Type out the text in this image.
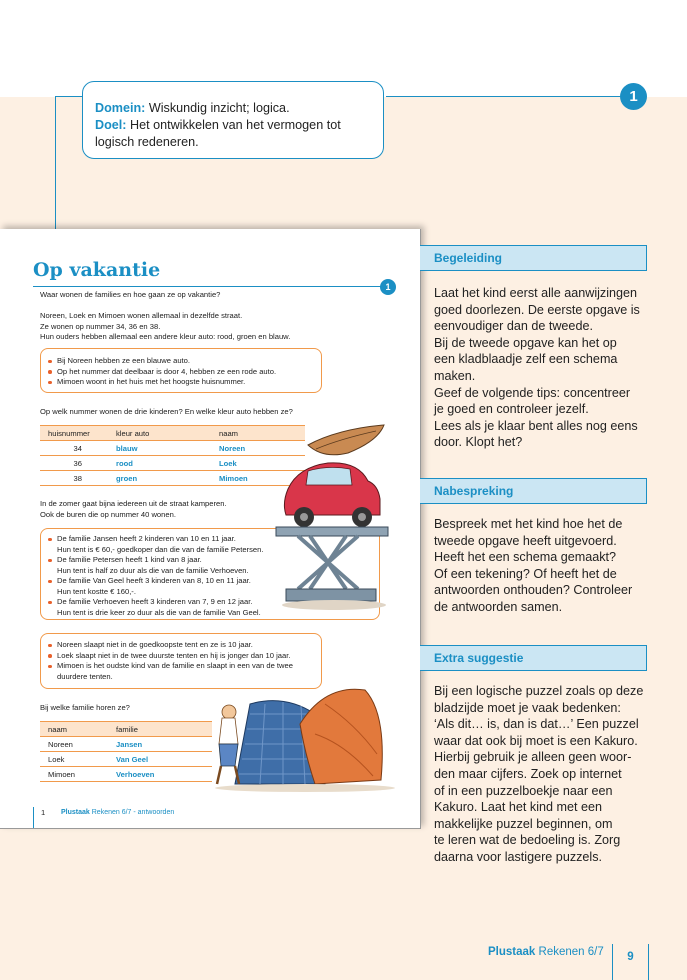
1
Domein: Wiskundig inzicht; logica.
Doel: Het ontwikkelen van het vermogen tot logisch redeneren.
Op vakantie
1
Waar wonen de families en hoe gaan ze op vakantie?
Noreen, Loek en Mimoen wonen allemaal in dezelfde straat.
Ze wonen op nummer 34, 36 en 38.
Hun ouders hebben allemaal een andere kleur auto: rood, groen en blauw.
Bij Noreen hebben ze een blauwe auto.
Op het nummer dat deelbaar is door 4, hebben ze een rode auto.
Mimoen woont in het huis met het hoogste huisnummer.
Op welk nummer wonen de drie kinderen? En welke kleur auto hebben ze?
huisnummer	kleur auto	naam
34	blauw	Noreen
36	rood	Loek
38	groen	Mimoen
In de zomer gaat bijna iedereen uit de straat kamperen.
Ook de buren die op nummer 40 wonen.
De familie Jansen heeft 2 kinderen van 10 en 11 jaar.
Hun tent is € 60,- goedkoper dan die van de familie Petersen.
De familie Petersen heeft 1 kind van 8 jaar.
Hun tent is half zo duur als die van de familie Verhoeven.
De familie Van Geel heeft 3 kinderen van 8, 10 en 11 jaar.
Hun tent kostte € 160,-.
De familie Verhoeven heeft 3 kinderen van 7, 9 en 12 jaar.
Hun tent is drie keer zo duur als die van de familie Van Geel.
Noreen slaapt niet in de goedkoopste tent en ze is 10 jaar.
Loek slaapt niet in de twee duurste tenten en hij is jonger dan 10 jaar.
Mimoen is het oudste kind van de familie en slaapt in een van de twee
duurdere tenten.
Bij welke familie horen ze?
naam	familie
Noreen	Jansen
Loek	Van Geel
Mimoen	Verhoeven
1	Plustaak Rekenen 6/7 - antwoorden
Begeleiding
Laat het kind eerst alle aanwijzingen
goed doorlezen. De eerste opgave is
eenvoudiger dan de tweede.
Bij de tweede opgave kan het op
een kladblaadje zelf een schema
maken.
Geef de volgende tips: concentreer
je goed en controleer jezelf.
Lees als je klaar bent alles nog eens
door. Klopt het?
Nabespreking
Bespreek met het kind hoe het de
tweede opgave heeft uitgevoerd.
Heeft het een schema gemaakt?
Of een tekening? Of heeft het de
antwoorden onthouden? Controleer
de antwoorden samen.
Extra suggestie
Bij een logische puzzel zoals op deze
bladzijde moet je vaak bedenken:
‘Als dit… is, dan is dat…’ Een puzzel
waar dat ook bij moet is een Kakuro.
Hierbij gebruik je alleen geen woor-
den maar cijfers. Zoek op internet
of in een puzzelboekje naar een
Kakuro. Laat het kind met een
makkelijke puzzel beginnen, om
te leren wat de bedoeling is. Zorg
daarna voor lastigere puzzels.
Plustaak Rekenen 6/7	9
